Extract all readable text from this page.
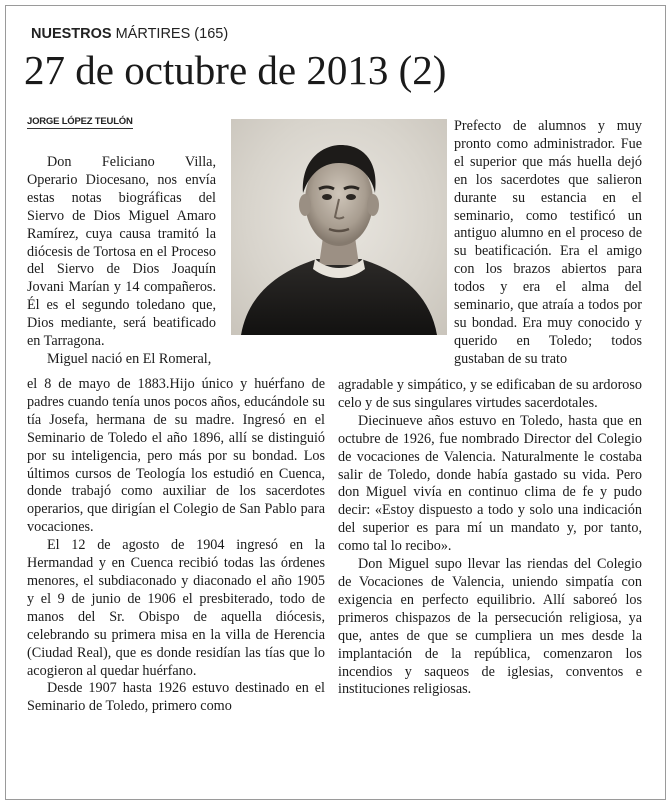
NUESTROS MÁRTIRES (165)
27 de octubre de 2013 (2)
JORGE LÓPEZ TEULÓN

Don Feliciano Villa, Operario Diocesano, nos envía estas notas biográficas del Siervo de Dios Miguel Amaro Ramírez, cuya causa tramitó la diócesis de Tortosa en el Proceso del Siervo de Dios Joaquín Jovani Marían y 14 compañeros. Él es el segundo toledano que, Dios mediante, será beatificado en Tarragona.

Miguel nació en El Romeral,

el 8 de mayo de 1883.Hijo único y huérfano de padres cuando tenía unos pocos años, educándole su tía Josefa, hermana de su madre. Ingresó en el Seminario de Toledo el año 1896, allí se distinguió por su inteligencia, pero más por su bondad. Los últimos cursos de Teología los estudió en Cuenca, donde trabajó como auxiliar de los sacerdotes operarios, que dirigían el Colegio de San Pablo para vocaciones.

El 12 de agosto de 1904 ingresó en la Hermandad y en Cuenca recibió todas las órdenes menores, el subdiaconado y diaconado el año 1905 y el 9 de junio de 1906 el presbiterado, todo de manos del Sr. Obispo de aquella diócesis, celebrando su primera misa en la villa de Herencia (Ciudad Real), que es donde residían las tías que lo acogieron al quedar huérfano.

Desde 1907 hasta 1926 estuvo destinado en el Seminario de Toledo, primero como

Prefecto de alumnos y muy pronto como administrador. Fue el superior que más huella dejó en los sacerdotes que salieron durante su estancia en el seminario, como testificó un antiguo alumno en el proceso de su beatificación. Era el amigo con los brazos abiertos para todos y era el alma del seminario, que atraía a todos por su bondad. Era muy conocido y querido en Toledo; todos gustaban de su trato

agradable y simpático, y se edificaban de su ardoroso celo y de sus singulares virtudes sacerdotales.

Diecinueve años estuvo en Toledo, hasta que en octubre de 1926, fue nombrado Director del Colegio de vocaciones de Valencia. Naturalmente le costaba salir de Toledo, donde había gastado su vida. Pero don Miguel vivía en continuo clima de fe y pudo decir: «Estoy dispuesto a todo y solo una indicación del superior es para mí un mandato y, por tanto, como tal lo recibo».

Don Miguel supo llevar las riendas del Colegio de Vocaciones de Valencia, uniendo simpatía con exigencia en perfecto equilibrio. Allí saboreó los primeros chispazos de la persecución religiosa, ya que, antes de que se cumpliera un mes desde la implantación de la república, comenzaron los incendios y saqueos de iglesias, conventos e instituciones religiosas.
